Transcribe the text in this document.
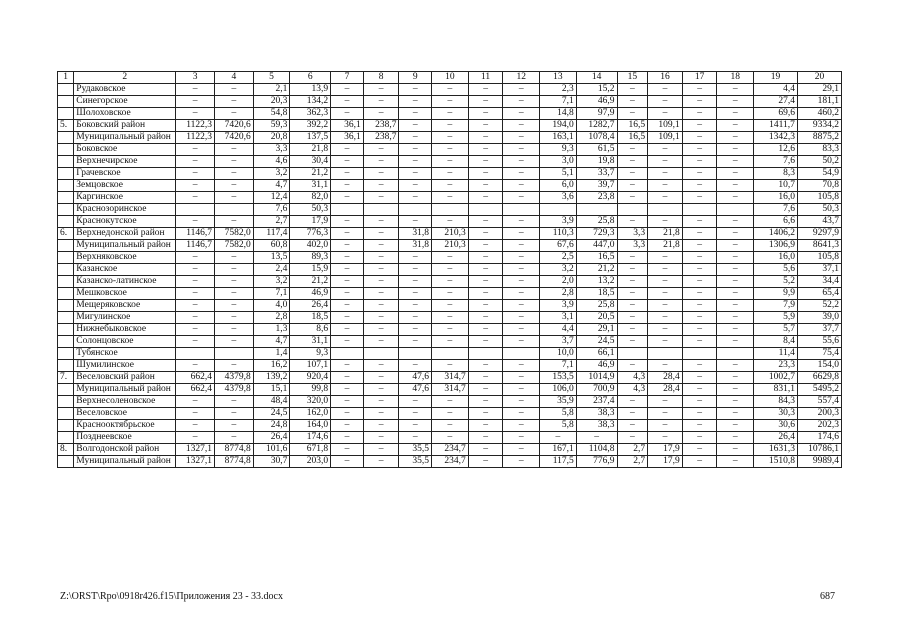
1	2	3	4	5	6	7	8	9	10	11	12	13	14	15	16	17	18	19	20
	Рудаковское	–	–	2,1	13,9	–	–	–	–	–	–	2,3	15,2	–	–	–	–	4,4	29,1
	Синегорское	–	–	20,3	134,2	–	–	–	–	–	–	7,1	46,9	–	–	–	–	27,4	181,1
	Шолоховское	–	–	54,8	362,3	–	–	–	–	–	–	14,8	97,9	–	–	–	–	69,6	460,2
5.	Боковский район	1122,3	7420,6	59,3	392,2	36,1	238,7	–	–	–	–	194,0	1282,7	16,5	109,1	–	–	1411,7	9334,2
	Муниципальный район	1122,3	7420,6	20,8	137,5	36,1	238,7	–	–	–	–	163,1	1078,4	16,5	109,1	–	–	1342,3	8875,2
	Боковское	–	–	3,3	21,8	–	–	–	–	–	–	9,3	61,5	–	–	–	–	12,6	83,3
	Верхнечирское	–	–	4,6	30,4	–	–	–	–	–	–	3,0	19,8	–	–	–	–	7,6	50,2
	Грачевское	–	–	3,2	21,2	–	–	–	–	–	–	5,1	33,7	–	–	–	–	8,3	54,9
	Земцовское	–	–	4,7	31,1	–	–	–	–	–	–	6,0	39,7	–	–	–	–	10,7	70,8
	Каргинское	–	–	12,4	82,0	–	–	–	–	–	–	3,6	23,8	–	–	–	–	16,0	105,8
	Краснозоринское			7,6	50,3													7,6	50,3
	Краснокутское	–	–	2,7	17,9	–	–	–	–	–	–	3,9	25,8	–	–	–	–	6,6	43,7
6.	Верхнедонской район	1146,7	7582,0	117,4	776,3	–	–	31,8	210,3	–	–	110,3	729,3	3,3	21,8	–	–	1406,2	9297,9
	Муниципальный район	1146,7	7582,0	60,8	402,0	–	–	31,8	210,3	–	–	67,6	447,0	3,3	21,8	–	–	1306,9	8641,3
	Верхняковское	–	–	13,5	89,3	–	–	–	–	–	–	2,5	16,5	–	–	–	–	16,0	105,8
	Казанское	–	–	2,4	15,9	–	–	–	–	–	–	3,2	21,2	–	–	–	–	5,6	37,1
	Казанско-латинское	–	–	3,2	21,2	–	–	–	–	–	–	2,0	13,2	–	–	–	–	5,2	34,4
	Мешковское	–	–	7,1	46,9	–	–	–	–	–	–	2,8	18,5	–	–	–	–	9,9	65,4
	Мещеряковское	–	–	4,0	26,4	–	–	–	–	–	–	3,9	25,8	–	–	–	–	7,9	52,2
	Мигулинское	–	–	2,8	18,5	–	–	–	–	–	–	3,1	20,5	–	–	–	–	5,9	39,0
	Нижнебыковское	–	–	1,3	8,6	–	–	–	–	–	–	4,4	29,1	–	–	–	–	5,7	37,7
	Солонцовское	–	–	4,7	31,1	–	–	–	–	–	–	3,7	24,5	–	–	–	–	8,4	55,6
	Тубянское			1,4	9,3							10,0	66,1					11,4	75,4
	Шумилинское	–	–	16,2	107,1	–	–	–	–	–	–	7,1	46,9	–	–	–	–	23,3	154,0
7.	Веселовский район	662,4	4379,8	139,2	920,4	–	–	47,6	314,7	–	–	153,5	1014,9	4,3	28,4	–	–	1002,7	6629,8
	Муниципальный район	662,4	4379,8	15,1	99,8	–	–	47,6	314,7	–	–	106,0	700,9	4,3	28,4	–	–	831,1	5495,2
	Верхнесоленовское	–	–	48,4	320,0	–	–	–	–	–	–	35,9	237,4	–	–	–	–	84,3	557,4
	Веселовское	–	–	24,5	162,0	–	–	–	–	–	–	5,8	38,3	–	–	–	–	30,3	200,3
	Краснооктябрьское	–	–	24,8	164,0	–	–	–	–	–	–	5,8	38,3	–	–	–	–	30,6	202,3
	Позднеевское	–	–	26,4	174,6	–	–	–	–	–	–	–	–	–	–	–	–	26,4	174,6
8.	Волгодонской район	1327,1	8774,8	101,6	671,8	–	–	35,5	234,7	–	–	167,1	1104,8	2,7	17,9	–	–	1631,3	10786,1
	Муниципальный район	1327,1	8774,8	30,7	203,0	–	–	35,5	234,7	–	–	117,5	776,9	2,7	17,9	–	–	1510,8	9989,4
Z:\ORST\Rpo\0918r426.f15\Приложения 23 - 33.docx	687
